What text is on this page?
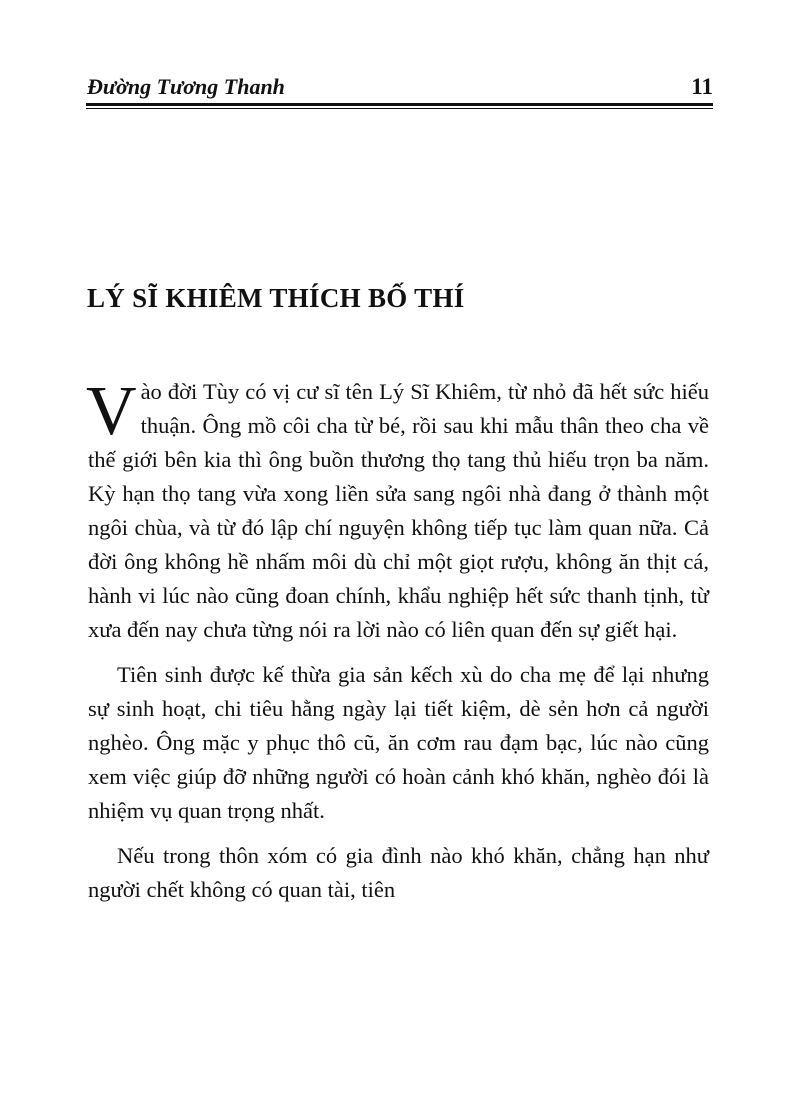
Đường Tương Thanh	11
LÝ SĨ KHIÊM THÍCH BỐ THÍ

Vào đời Tùy có vị cư sĩ tên Lý Sĩ Khiêm, từ nhỏ đã hết sức hiếu thuận. Ông mồ côi cha từ bé, rồi sau khi mẫu thân theo cha về thế giới bên kia thì ông buồn thương thọ tang thủ hiếu trọn ba năm. Kỳ hạn thọ tang vừa xong liền sửa sang ngôi nhà đang ở thành một ngôi chùa, và từ đó lập chí nguyện không tiếp tục làm quan nữa. Cả đời ông không hề nhấm môi dù chỉ một giọt rượu, không ăn thịt cá, hành vi lúc nào cũng đoan chính, khẩu nghiệp hết sức thanh tịnh, từ xưa đến nay chưa từng nói ra lời nào có liên quan đến sự giết hại.

Tiên sinh được kế thừa gia sản kếch xù do cha mẹ để lại nhưng sự sinh hoạt, chi tiêu hằng ngày lại tiết kiệm, dè sẻn hơn cả người nghèo. Ông mặc y phục thô cũ, ăn cơm rau đạm bạc, lúc nào cũng xem việc giúp đỡ những người có hoàn cảnh khó khăn, nghèo đói là nhiệm vụ quan trọng nhất.

Nếu trong thôn xóm có gia đình nào khó khăn, chẳng hạn như người chết không có quan tài, tiên
